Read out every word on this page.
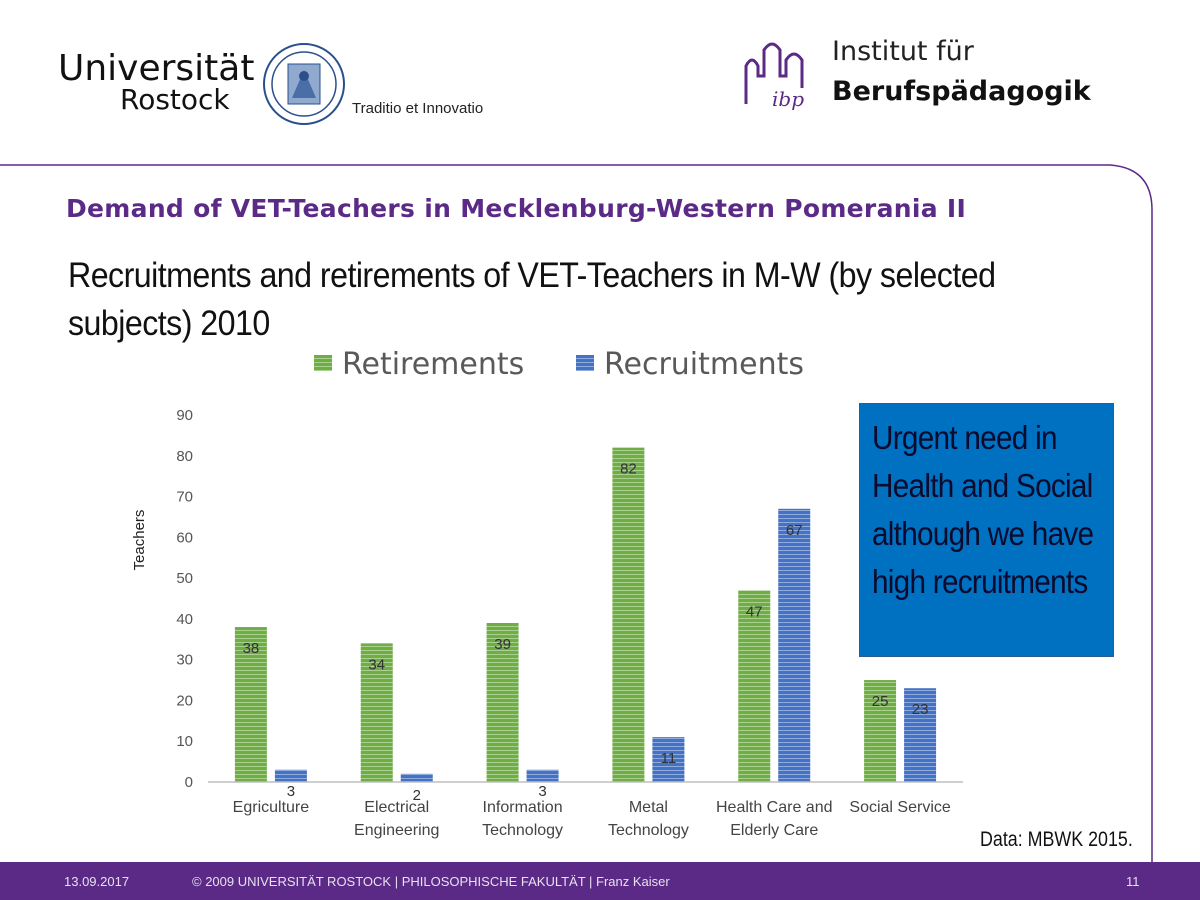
Universität
Rostock	Traditio et Innovatio	ibp
Institut für
Berufspädagogik
Demand of VET-Teachers in Mecklenburg-Western Pomerania II
Recruitments and retirements of VET-Teachers in M-W (by selected subjects) 2010
Retirements	Recruitments
0
10
20
30
40
50
60
70
80
90
Teachers
38
3
34
2
39
3
82
11
47
67
25 23
Egriculture	Electrical
Engineering
Information
Technology
Metal
Technology
Health Care and
Elderly Care
Social Service
Urgent need in Health and Social although we have high recruitments
Data: MBWK 2015.
13.09.2017	© 2009 UNIVERSITÄT ROSTOCK | PHILOSOPHISCHE FAKULTÄT | Franz Kaiser	11
